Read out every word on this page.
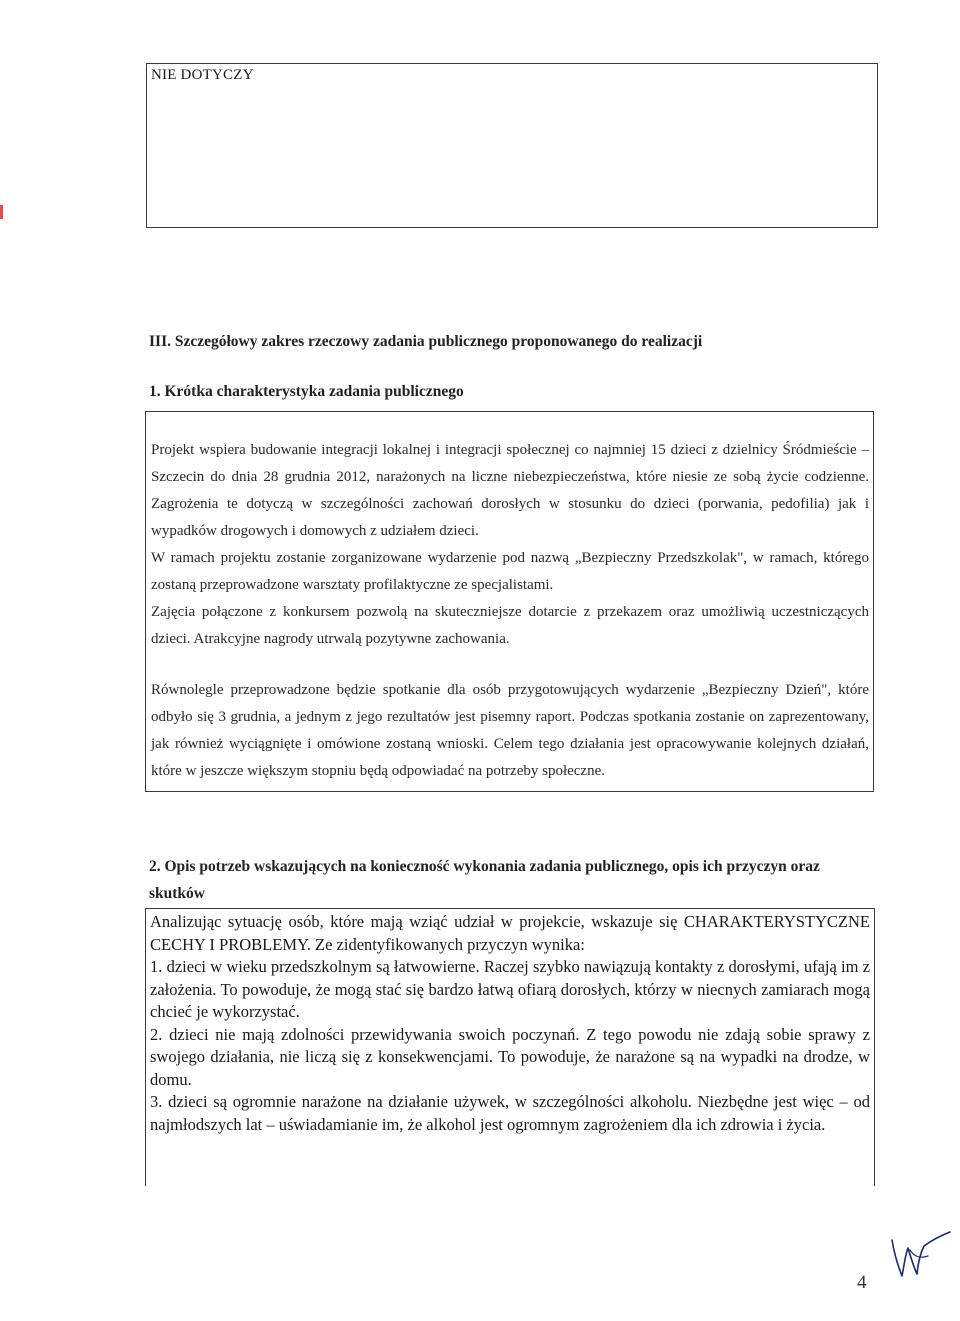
NIE DOTYCZY
III. Szczegółowy zakres rzeczowy zadania publicznego proponowanego do realizacji
1. Krótka charakterystyka zadania publicznego

Projekt wspiera budowanie integracji lokalnej i integracji społecznej co najmniej 15 dzieci z dzielnicy Śródmieście – Szczecin do dnia 28 grudnia 2012, narażonych na liczne niebezpieczeństwa, które niesie ze sobą życie codzienne. Zagrożenia te dotyczą w szczególności zachowań dorosłych w stosunku do dzieci (porwania, pedofilia) jak i wypadków drogowych i domowych z udziałem dzieci.

W ramach projektu zostanie zorganizowane wydarzenie pod nazwą „Bezpieczny Przedszkolak", w ramach, którego zostaną przeprowadzone warsztaty profilaktyczne ze specjalistami.

Zajęcia połączone z konkursem pozwolą na skuteczniejsze dotarcie z przekazem oraz umożliwią uczestniczących dzieci. Atrakcyjne nagrody utrwalą pozytywne zachowania.

Równolegle przeprowadzone będzie spotkanie dla osób przygotowujących wydarzenie „Bezpieczny Dzień", które odbyło się 3 grudnia, a jednym z jego rezultatów jest pisemny raport. Podczas spotkania zostanie on zaprezentowany, jak również wyciągnięte i omówione zostaną wnioski. Celem tego działania jest opracowywanie kolejnych działań, które w jeszcze większym stopniu będą odpowiadać na potrzeby społeczne.

2. Opis potrzeb wskazujących na konieczność wykonania zadania publicznego, opis ich przyczyn oraz skutków

Analizując sytuację osób, które mają wziąć udział w projekcie, wskazuje się CHARAKTERYSTYCZNE CECHY I PROBLEMY. Ze zidentyfikowanych przyczyn wynika:

1. dzieci w wieku przedszkolnym są łatwowierne. Raczej szybko nawiązują kontakty z dorosłymi, ufają im z założenia. To powoduje, że mogą stać się bardzo łatwą ofiarą dorosłych, którzy w niecnych zamiarach mogą chcieć je wykorzystać.

2. dzieci nie mają zdolności przewidywania swoich poczynań. Z tego powodu nie zdają sobie sprawy z swojego działania, nie liczą się z konsekwencjami. To powoduje, że narażone są na wypadki na drodze, w domu.

3. dzieci są ogromnie narażone na działanie używek, w szczególności alkoholu. Niezbędne jest więc – od najmłodszych lat – uświadamianie im, że alkohol jest ogromnym zagrożeniem dla ich zdrowia i życia.

4
